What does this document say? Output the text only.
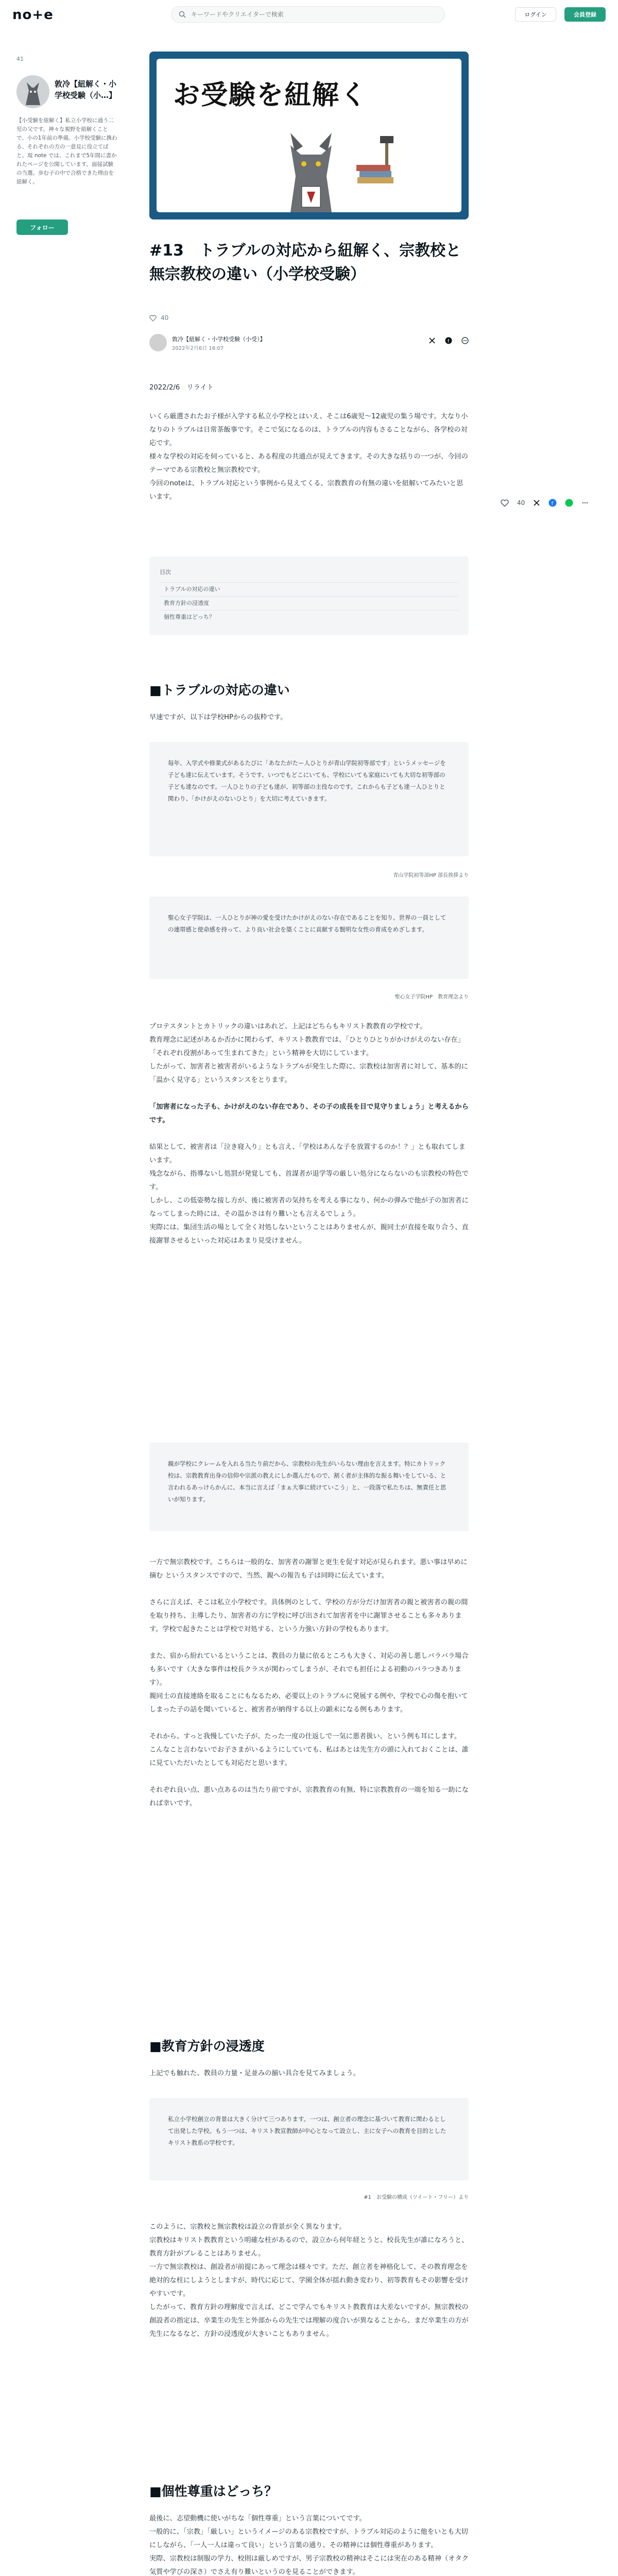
no+e
キーワードやクリエイターで検索	ログイン	会員登録
41
敦冷【紐解く・小学校受験（小…】
【小受験を紐解く】私立小学校に通う二児の父です。神々な視野を紐解くことで、小の1年前の準備。小学校受験に携わる、それぞれの方の一意見に役立てばと。現 note では、これまで5年間に書かれたページを公開しています。面接試験の当選。歩む子の中で合格できた理由を紐解く。
フォロー
お受験を紐解く
#13　トラブルの対応から紐解く、宗教校と無宗教校の違い（小学校受験）
40
敦冷【紐解く・小学校受験（小受）】
2022年2月6日 16:07
f
2022/2/6　リライト

いくら厳選されたお子様が入学する私立小学校とはいえ、そこは6歳児〜12歳児の集う場です。大なり小なりのトラブルは日常茶飯事です。そこで気になるのは、トラブルの内容もさることながら、各学校の対応です。

様々な学校の対応を伺っていると、ある程度の共通点が見えてきます。その大きな括りの一つが、今回のテーマである宗教校と無宗教校です。

今回のnoteは、トラブル対応という事例から見えてくる、宗教教育の有無の違いを紐解いてみたいと思います。

目次
トラブルの対応の違い
教育方針の浸透度
個性尊重はどっち？
■トラブルの対応の違い
早速ですが、以下は学校HPからの抜粋です。
毎年、入学式や修業式があるたびに「あなたがたー人ひとりが青山学院初等部です」というメッセージを子ども達に伝えています。そうです、いつでもどこにいても、学校にいても家庭にいても大切な初等部の子ども達なのです。一人ひとりの子ども達が、初等部の主役なのです。これからも子ども達一人ひとりと関わり、「かけがえのないひとり」を大切に考えていきます。
青山学院初等部HP 部長挨拶より
聖心女子学院は、一人ひとりが神の愛を受けたかけがえのない存在であることを知り、世界の一員としての連帯感と使命感を持って、より良い社会を築くことに貢献する賢明な女性の育成をめざします。
聖心女子学院HP　教育理念より

プロテスタントとカトリックの違いはあれど、上記はどちらもキリスト教教育の学校です。

教育理念に記述があるか否かに関わらず、キリスト教教育では、「ひとりひとりがかけがえのない存在」「それぞれ役割があって生まれてきた」という精神を大切にしています。

したがって、加害者と被害者がいるようなトラブルが発生した際に、宗教校は加害者に対して、基本的に「温かく見守る」というスタンスをとります。

「加害者になった子も、かけがえのない存在であり、その子の成長を目で見守りましょう」と考えるからです。

結果として、被害者は「泣き寝入り」とも言え、「学校はあんな子を放置するのか！？」とも取れてしまいます。

残念ながら、指導ないし処罰が発覚しても、首謀者が退学等の厳しい処分にならないのも宗教校の特色です。

しかし、この低姿勢な接し方が、後に被害者の気持ちを考える事になり、何かの弾みで他が子の加害者になってしまった時には、その温かさは有り難いとも言えるでしょう。

実際には、集団生活の場として全く対処しないということはありませんが、親同士が直接を取り合う、直接謝罪させるといった対応はあまり見受けません。

親が学校にクレームを入れる当たり前だから、宗教校の先生がいらない理由を言えます。特にカトリック校は、宗教教育出身の信仰や宗派の教えにしか選んだもので、割く者が主体的な振る舞いをしている、と言われるあっけらかんに、本当に言えば「まぁ大事に続けていこう」と、一段落で私たちは、無責任と思いが知ります。

一方で無宗教校です。こちらは一般的な、加害者の謝罪と更生を促す対応が見られます。悪い事は早めに摘む というスタンスですので、当然、親への報告も子は同時に伝えています。

さらに言えば、そこは私立小学校です。具体例のとして、学校の方が分だけ加害者の親と被害者の親の間を取り持ち、主導したり、加害者の方に学校に呼び出されて加害者を中に謝罪させることも多々あります。学校で起きたことは学校で対処する、という力強い方針の学校もあります。

また、宿から紛れているということは、教員の力量に依るところも大きく、対応の善し悪しバラバラ場合も多いです（大きな事件は校長クラスが関わってしまうが、それでも担任による初動のバラつきあります）。

親同士の直接連絡を取ることにもなるため、必要以上のトラブルに発展する例や、学校で心の傷を抱いてしまった子の話を聞いていると、被害者が納得する以上の顕末になる例もあります。

それから、すっと我慢していた子が、たった一度の仕返しで一気に悪者扱い、という例も耳にします。

こんなこと言わないでお子さまがいるようにしていても、私はあとは先生方の頭に入れておくことは、誰に見ていただいたとしても対応だと思います。

それぞれ良い点、悪い点あるのは当たり前ですが、宗教教育の有無、特に宗教教育の一端を知る一助になれば幸いです。

■教育方針の浸透度
上記でも触れた、教員の力量・足並みの揃い具合を見てみましょう。
私立小学校創立の背景は大きく分けて三つあります。一つは、創立者の理念に基づいて教育に関わるとして出発した学校。もう一つは、キリスト教宣教師が中心となって設立し、主に女子への教育を目的としたキリスト教系の学校です。
#1　お受験の構成（ツイート・フリー）より

このように、宗教校と無宗教校は設立の背景が全く異なります。

宗教校はキリスト教教育という明確な柱があるので、設立から何年経とうと、校長先生が誰になろうと、教育方針がブレることはありません。

一方で無宗教校は、創設者が前提にあって理念は様々です。ただ、創立者を神格化して、その教育理念を絶対的な柱にしようとしますが、時代に応じて、学園全体が揺れ動き変わり、初等教育もその影響を受けやすいです。

したがって、教育方針の理解度で言えば、どこで学んでもキリスト教教育は大差ないですが、無宗教校の創設者の指定は、卒業生の先生と外部からの先生では理解の度合いが異なることから、まだ卒業生の方が先生になるなど、方針の浸透度が大きいこともありません。

■個性尊重はどっち？

最後に、志望動機に使いがちな「個性尊重」という言葉についてです。

一般的に、「宗教」「厳しい」というイメージのある宗教校ですが、トラブル対応のように他をいとも大切にしながら、「一人一人は違って良い」という言葉の通り、その精神には個性尊重があります。

実際、宗教校は制服の学力、校則は厳しめですが、男子宗教校の精神はそこには実在のある精神（オタク気質や学びの深さ）でさえ有り難いというのを見ることができます。

40	f
